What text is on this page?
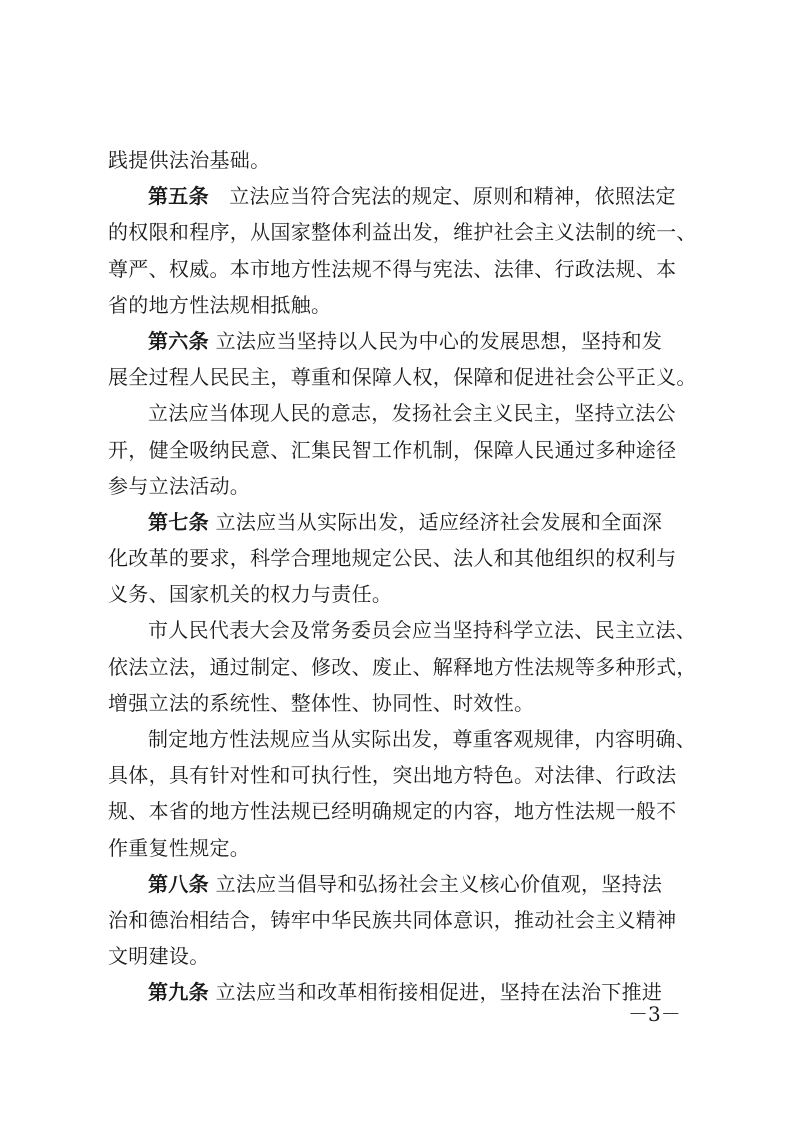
践提供法治基础。
第五条　立法应当符合宪法的规定、原则和精神，依照法定
的权限和程序，从国家整体利益出发，维护社会主义法制的统一、
尊严、权威。本市地方性法规不得与宪法、法律、行政法规、本
省的地方性法规相抵触。
第六条 立法应当坚持以人民为中心的发展思想，坚持和发
展全过程人民民主，尊重和保障人权，保障和促进社会公平正义。
立法应当体现人民的意志，发扬社会主义民主，坚持立法公
开，健全吸纳民意、汇集民智工作机制，保障人民通过多种途径
参与立法活动。
第七条 立法应当从实际出发，适应经济社会发展和全面深
化改革的要求，科学合理地规定公民、法人和其他组织的权利与
义务、国家机关的权力与责任。
市人民代表大会及常务委员会应当坚持科学立法、民主立法、
依法立法，通过制定、修改、废止、解释地方性法规等多种形式，
增强立法的系统性、整体性、协同性、时效性。
制定地方性法规应当从实际出发，尊重客观规律，内容明确、
具体，具有针对性和可执行性，突出地方特色。对法律、行政法
规、本省的地方性法规已经明确规定的内容，地方性法规一般不
作重复性规定。
第八条 立法应当倡导和弘扬社会主义核心价值观，坚持法
治和德治相结合，铸牢中华民族共同体意识，推动社会主义精神
文明建设。
第九条 立法应当和改革相衔接相促进，坚持在法治下推进
－3－
